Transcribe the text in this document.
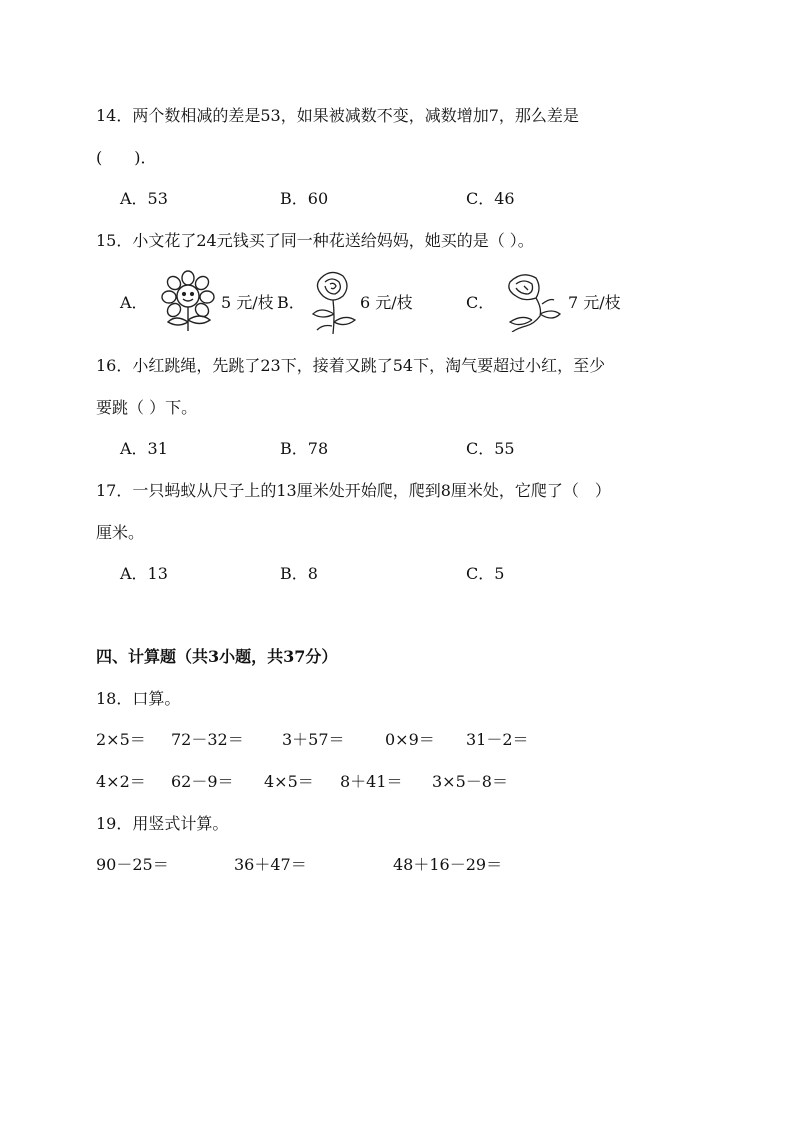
14．两个数相减的差是53，如果被减数不变，减数增加7，那么差是
(　　)．
A．53	B．60	C．46
15．小文花了24元钱买了同一种花送给妈妈，她买的是（ ）。
A．	5 元/枝 B．	6 元/枝	C．	7 元/枝
16．小红跳绳，先跳了23下，接着又跳了54下，淘气要超过小红，至少
要跳（ ）下。
A．31	B．78	C．55
17．一只蚂蚁从尺子上的13厘米处开始爬，爬到8厘米处，它爬了（　）
厘米。
A．13	B．8	C．5
四、计算题（共3小题，共37分）
18．口算。
2×5＝ 72－32＝ 3＋57＝	0×9＝ 31－2＝
4×2＝ 62－9＝ 4×5＝ 8＋41＝ 3×5－8＝
19．用竖式计算。
90－25＝	36＋47＝	48＋16－29＝
